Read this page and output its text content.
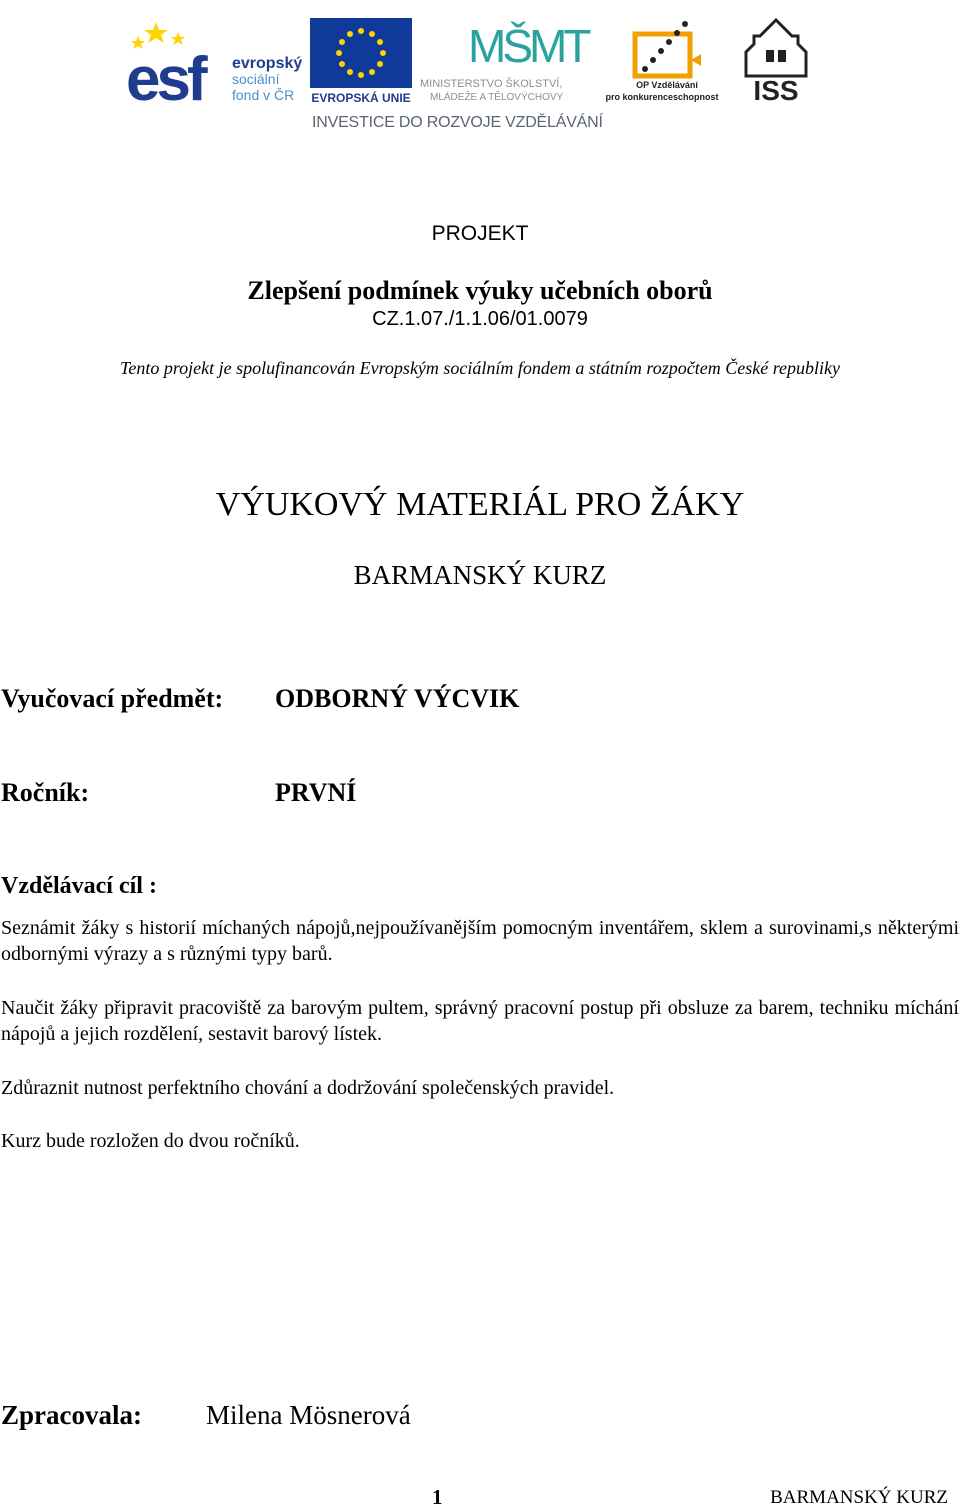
esf evropský
sociální
fond v ČR EVROPSKÁ UNIE
MŠMT
MINISTERSTVO ŠKOLSTVÍ,
MLÁDEŽE A TĚLOVÝCHOVY
OP Vzdělávání
pro konkurenceschopnost ISS
INVESTICE DO ROZVOJE VZDĚLÁVÁNÍ
PROJEKT
Zlepšení podmínek výuky učebních oborů
CZ.1.07./1.1.06/01.0079
Tento projekt je spolufinancován Evropským sociálním fondem a státním rozpočtem České republiky
VÝUKOVÝ MATERIÁL PRO ŽÁKY
BARMANSKÝ KURZ
Vyučovací předmět: ODBORNÝ VÝCVIK
Ročník:	PRVNÍ
Vzdělávací cíl :
Seznámit žáky s historií míchaných nápojů,nejpoužívanějším pomocným inventářem, sklem a surovinami,s některými odbornými výrazy a s různými typy barů.
Naučit žáky připravit pracoviště za barovým pultem, správný pracovní postup při obsluze za barem, techniku míchání nápojů a jejich rozdělení, sestavit barový lístek.
Zdůraznit nutnost perfektního chování a dodržování společenských pravidel.
Kurz bude rozložen do dvou ročníků.
Zpracovala: Milena Mösnerová
1	BARMANSKÝ KURZ
